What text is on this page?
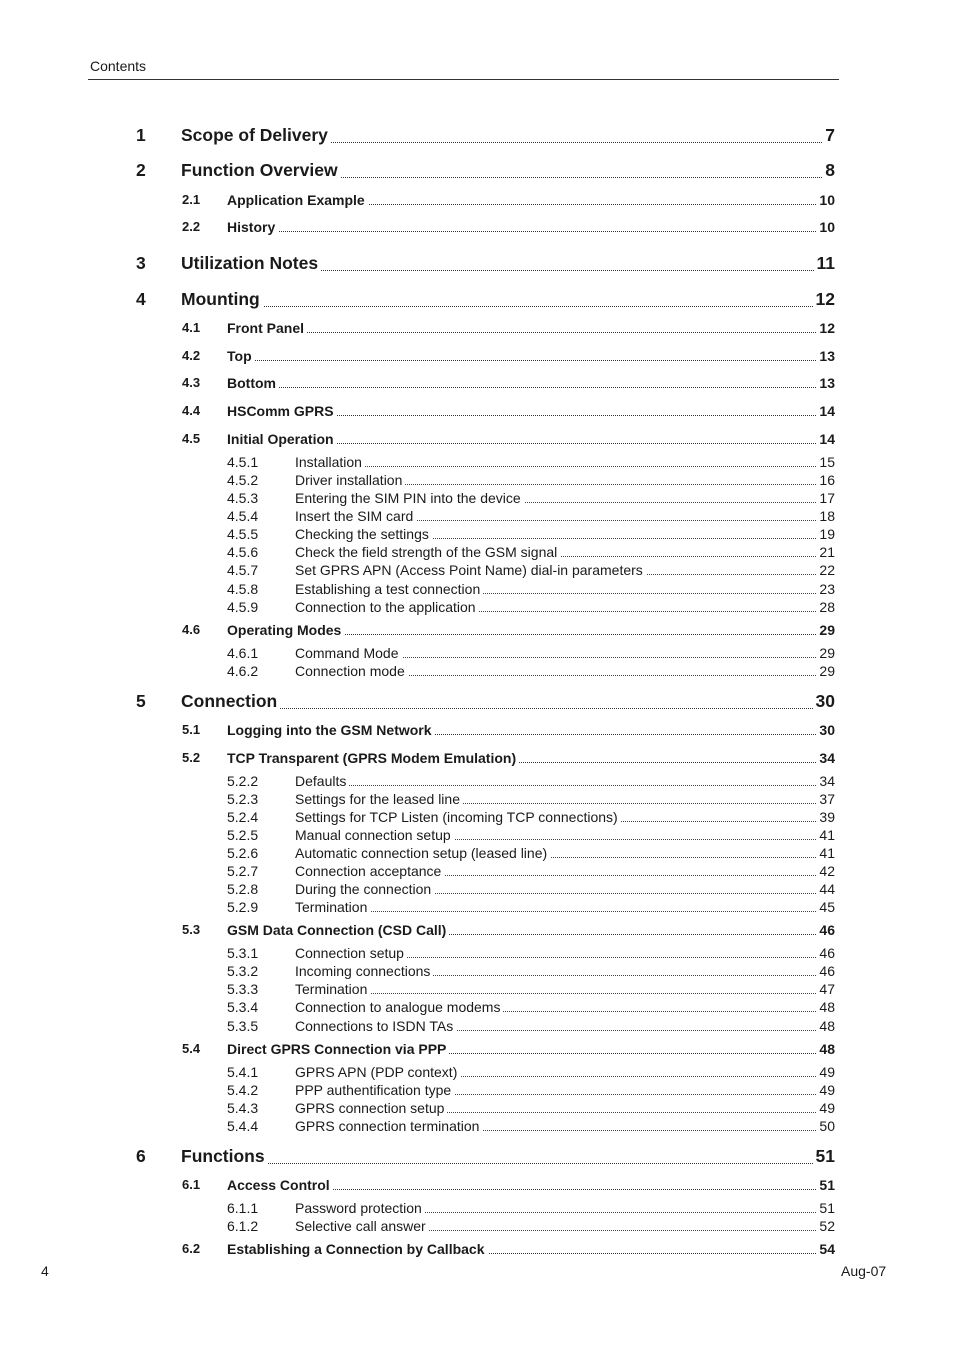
Contents
1 Scope of Delivery	7
2 Function Overview	8
2.1 Application Example	10
2.2 History	10
3 Utilization Notes	11
4 Mounting	12
4.1 Front Panel	12
4.2 Top	13
4.3 Bottom	13
4.4 HSComm GPRS	14
4.5 Initial Operation	14
4.5.1	Installation	15
4.5.2	Driver installation	16
4.5.3	Entering the SIM PIN into the device	17
4.5.4	Insert the SIM card	18
4.5.5	Checking the settings	19
4.5.6	Check the field strength of the GSM signal	21
4.5.7	Set GPRS APN (Access Point Name) dial-in parameters	22
4.5.8	Establishing a test connection	23
4.5.9	Connection to the application	28
4.6 Operating Modes	29
4.6.1	Command Mode	29
4.6.2	Connection mode	29
5 Connection	30
5.1 Logging into the GSM Network	30
5.2 TCP Transparent (GPRS Modem Emulation)	34
5.2.2	Defaults	34
5.2.3	Settings for the leased line	37
5.2.4	Settings for TCP Listen (incoming TCP connections)	39
5.2.5	Manual connection setup	41
5.2.6	Automatic connection setup (leased line)	41
5.2.7	Connection acceptance	42
5.2.8	During the connection	44
5.2.9	Termination	45
5.3 GSM Data Connection (CSD Call)	46
5.3.1	Connection setup	46
5.3.2	Incoming connections	46
5.3.3	Termination	47
5.3.4	Connection to analogue modems	48
5.3.5	Connections to ISDN TAs	48
5.4 Direct GPRS Connection via PPP	48
5.4.1	GPRS APN (PDP context)	49
5.4.2	PPP authentification type	49
5.4.3	GPRS connection setup	49
5.4.4	GPRS connection termination	50
6 Functions	51
6.1 Access Control	51
6.1.1	Password protection	51
6.1.2	Selective call answer	52
6.2 Establishing a Connection by Callback	54
4	Aug-07
